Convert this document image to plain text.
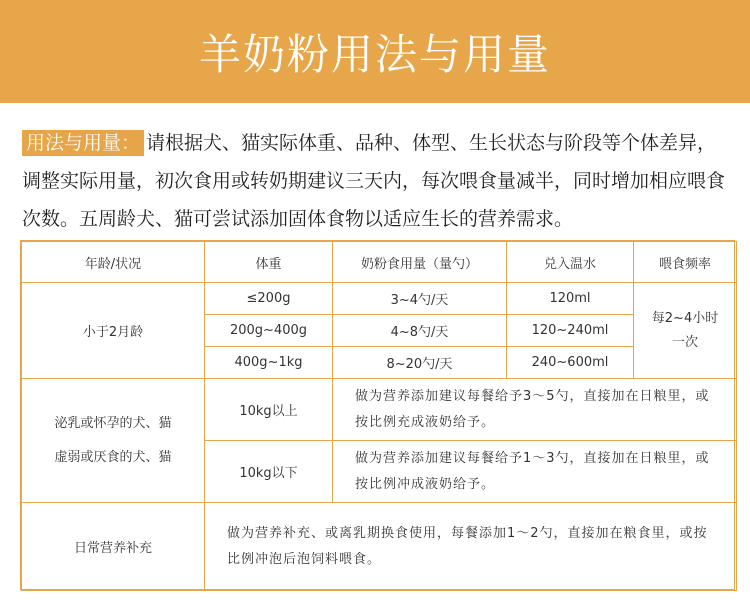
羊奶粉用法与用量
用法与用量： 请根据犬、猫实际体重、品种、体型、生长状态与阶段等个体差异，调整实际用量，初次食用或转奶期建议三天内，每次喂食量减半，同时增加相应喂食次数。五周龄犬、猫可尝试添加固体食物以适应生长的营养需求。
年龄/状况	体重	奶粉食用量（量勺）	兑入温水	喂食频率
小于2月龄	≤200g	3~4勺/天	120ml	每2~4小时一次
	200g~400g	4~8勺/天	120~240ml	
	400g~1kg	8~20勺/天	240~600ml	

泌乳或怀孕的犬、猫
虚弱或厌食的犬、猫	10kg以上	做为营养添加建议每餐给予3～5勺，直接加在日粮里，或按比例充成液奶给予。		
	10kg以下	做为营养添加建议每餐给予1～3勺，直接加在日粮里，或按比例冲成液奶给予。		
日常营养补充	做为营养补充、或离乳期换食使用，每餐添加1～2勺，直接加在粮食里，或按比例冲泡后泡饲料喂食。			
